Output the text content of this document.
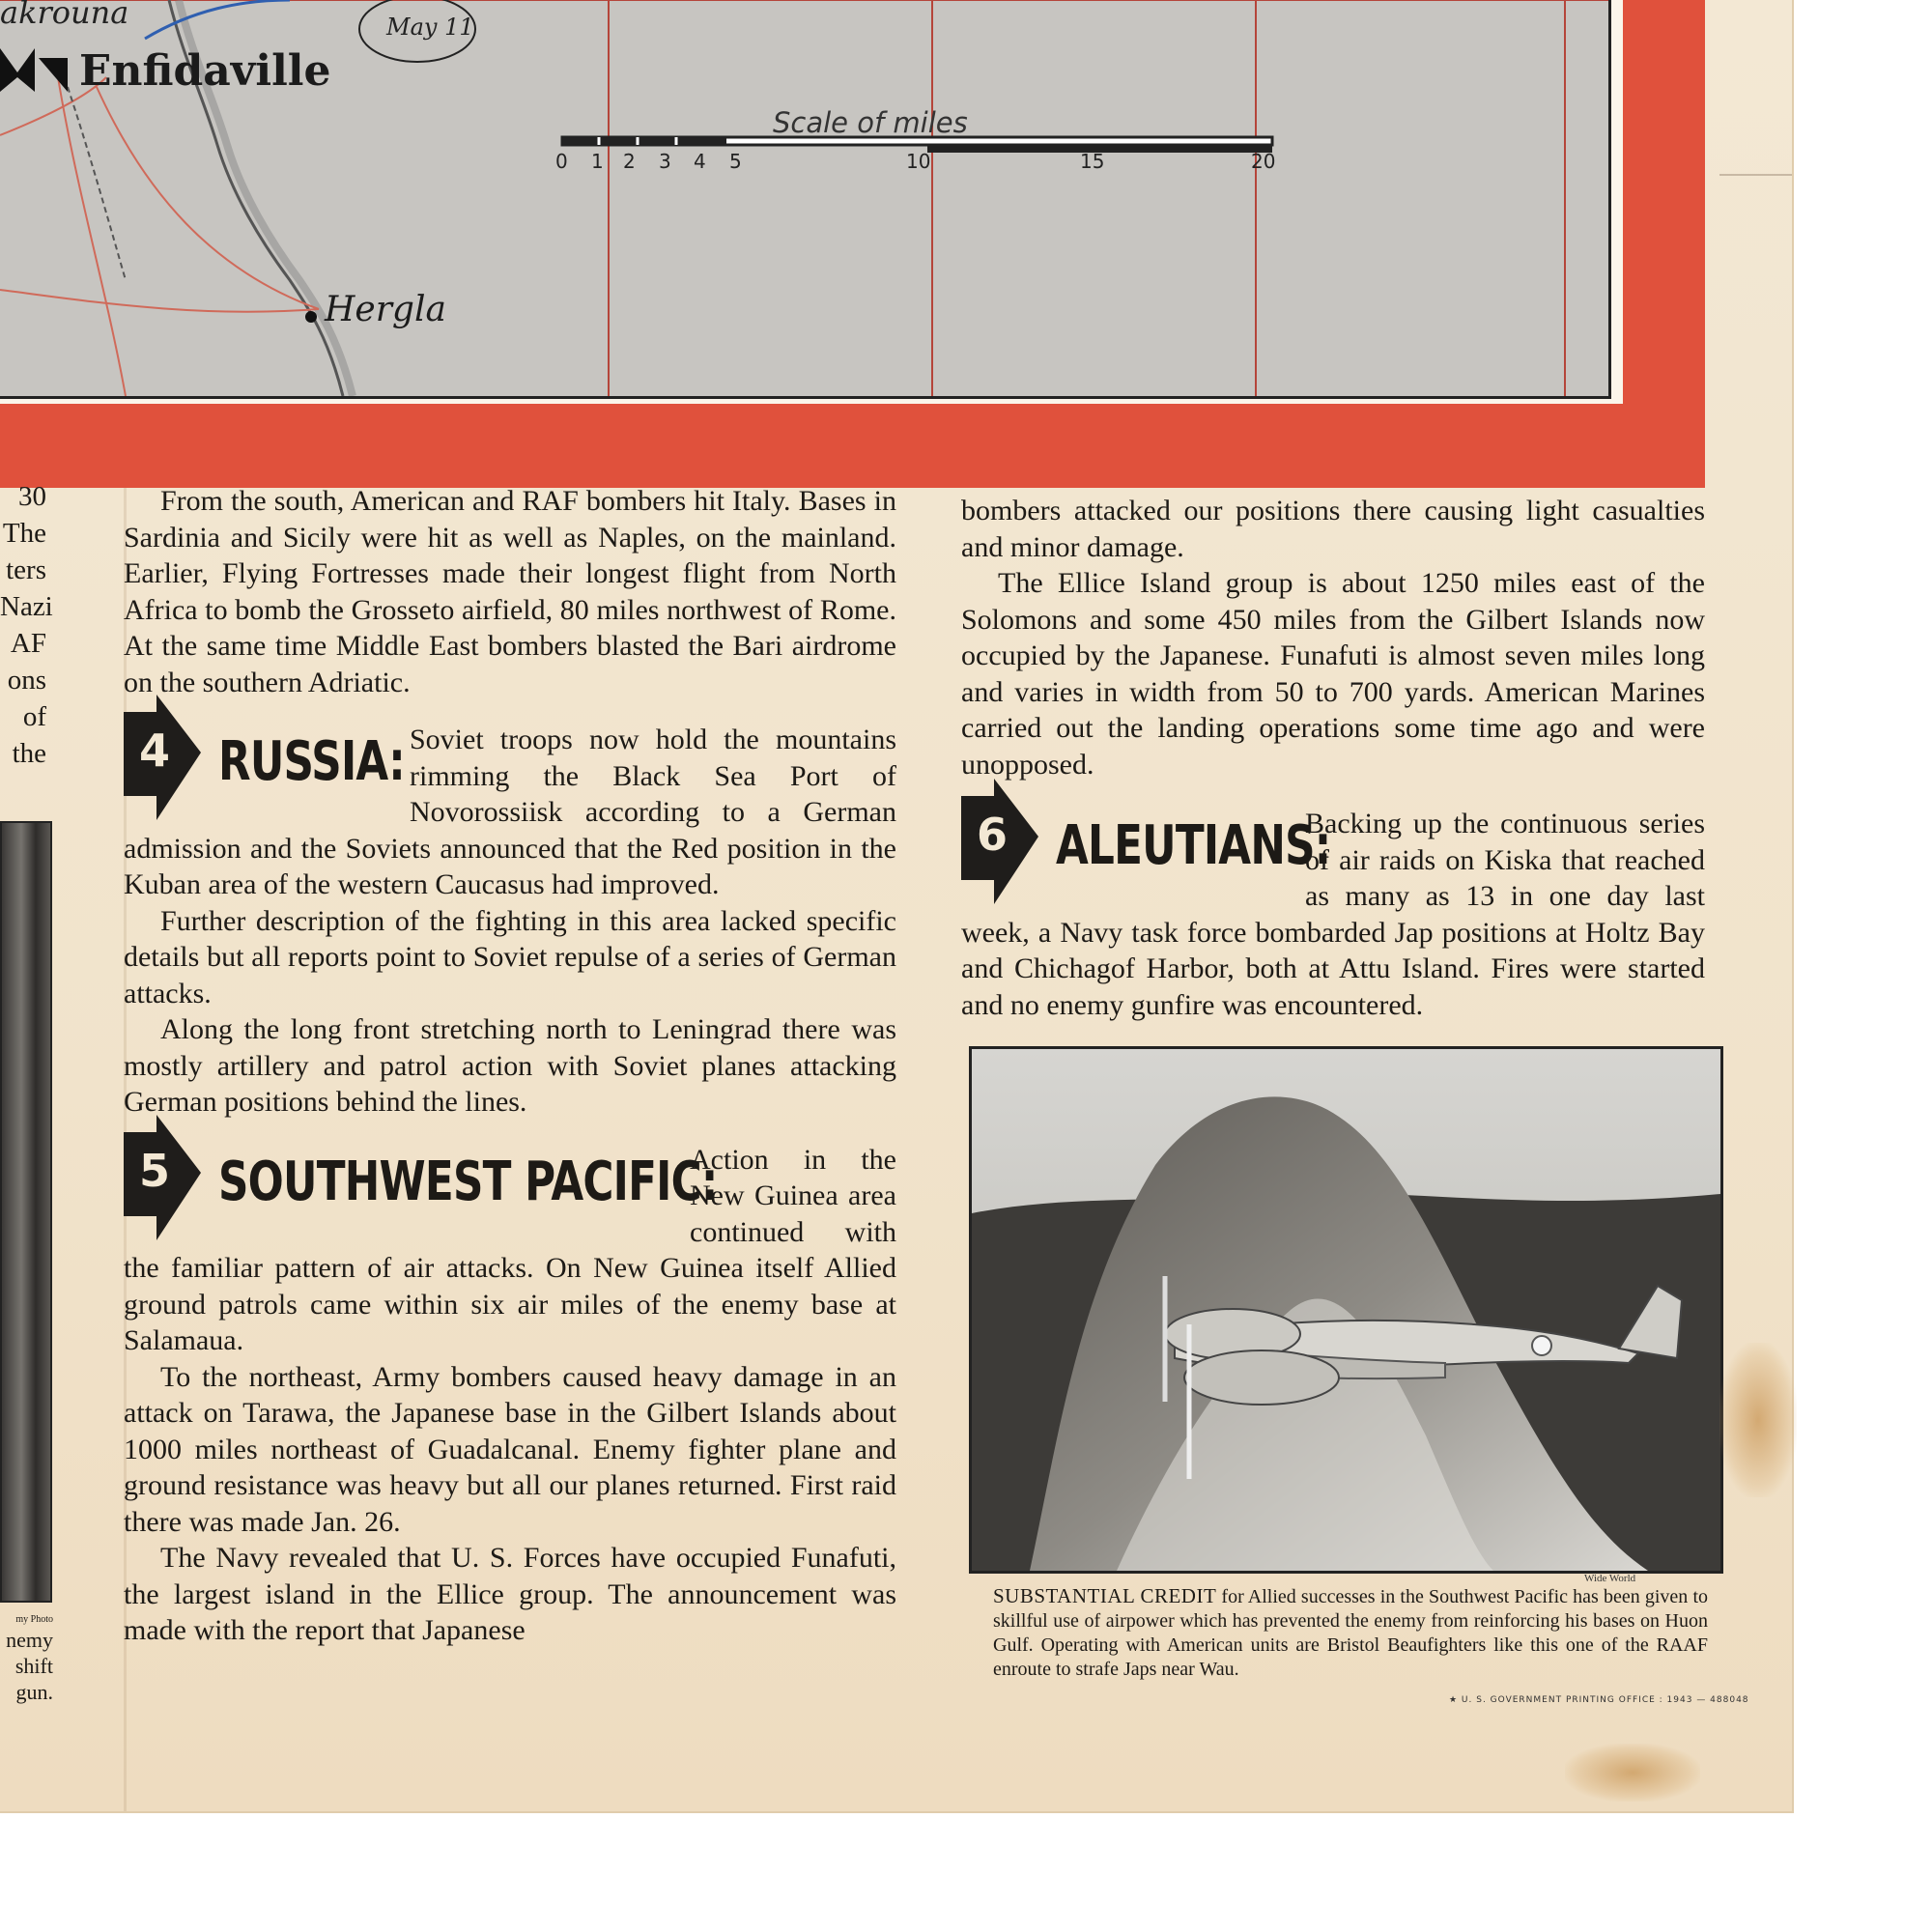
akrouna
Enfidaville
Hergla
May 11
Scale of miles
0 1 2 3 4 5	10	15	20
30
The
ters
Nazi
AF
ons
of
the
my Photo
nemy
shift
gun.

From the south, American and RAF bombers hit Italy. Bases in Sardinia and Sicily were hit as well as Naples, on the mainland. Earlier, Flying Fortresses made their longest flight from North Africa to bomb the Grosseto airfield, 80 miles northwest of Rome. At the same time Middle East bombers blasted the Bari airdrome on the southern Adriatic.

4 RUSSIA: Soviet troops now hold the mountains rimming the Black Sea Port of Novorossiisk according to a German admission and the Soviets announced that the Red position in the Kuban area of the western Caucasus had improved.

Further description of the fighting in this area lacked specific details but all reports point to Soviet repulse of a series of German attacks.

Along the long front stretching north to Leningrad there was mostly artillery and patrol action with Soviet planes attacking German positions behind the lines.

5 SOUTHWEST PACIFIC:

Action in the New Guinea area continued with the familiar pattern of air attacks. On New Guinea itself Allied ground patrols came within six air miles of the enemy base at Salamaua.

To the northeast, Army bombers caused heavy damage in an attack on Tarawa, the Japanese base in the Gilbert Islands about 1000 miles northeast of Guadalcanal. Enemy fighter plane and ground resistance was heavy but all our planes returned. First raid there was made Jan. 26.

The Navy revealed that U. S. Forces have occupied Funafuti, the largest island in the Ellice group. The announcement was made with the report that Japanese

bombers attacked our positions there causing light casualties and minor damage.

The Ellice Island group is about 1250 miles east of the Solomons and some 450 miles from the Gilbert Islands now occupied by the Japanese. Funafuti is almost seven miles long and varies in width from 50 to 700 yards. American Marines carried out the landing operations some time ago and were unopposed.

6 ALEUTIANS:

Backing up the continuous series of air raids on Kiska that reached as many as 13 in one day last week, a Navy task force bombarded Jap positions at Holtz Bay and Chichagof Harbor, both at Attu Island. Fires were started and no enemy gunfire was encountered.

Wide World
SUBSTANTIAL CREDIT for Allied successes in the Southwest Pacific has been given to skillful use of airpower which has prevented the enemy from reinforcing his bases on Huon Gulf. Operating with American units are Bristol Beaufighters like this one of the RAAF enroute to strafe Japs near Wau.
★ U. S. GOVERNMENT PRINTING OFFICE : 1943 — 488048
